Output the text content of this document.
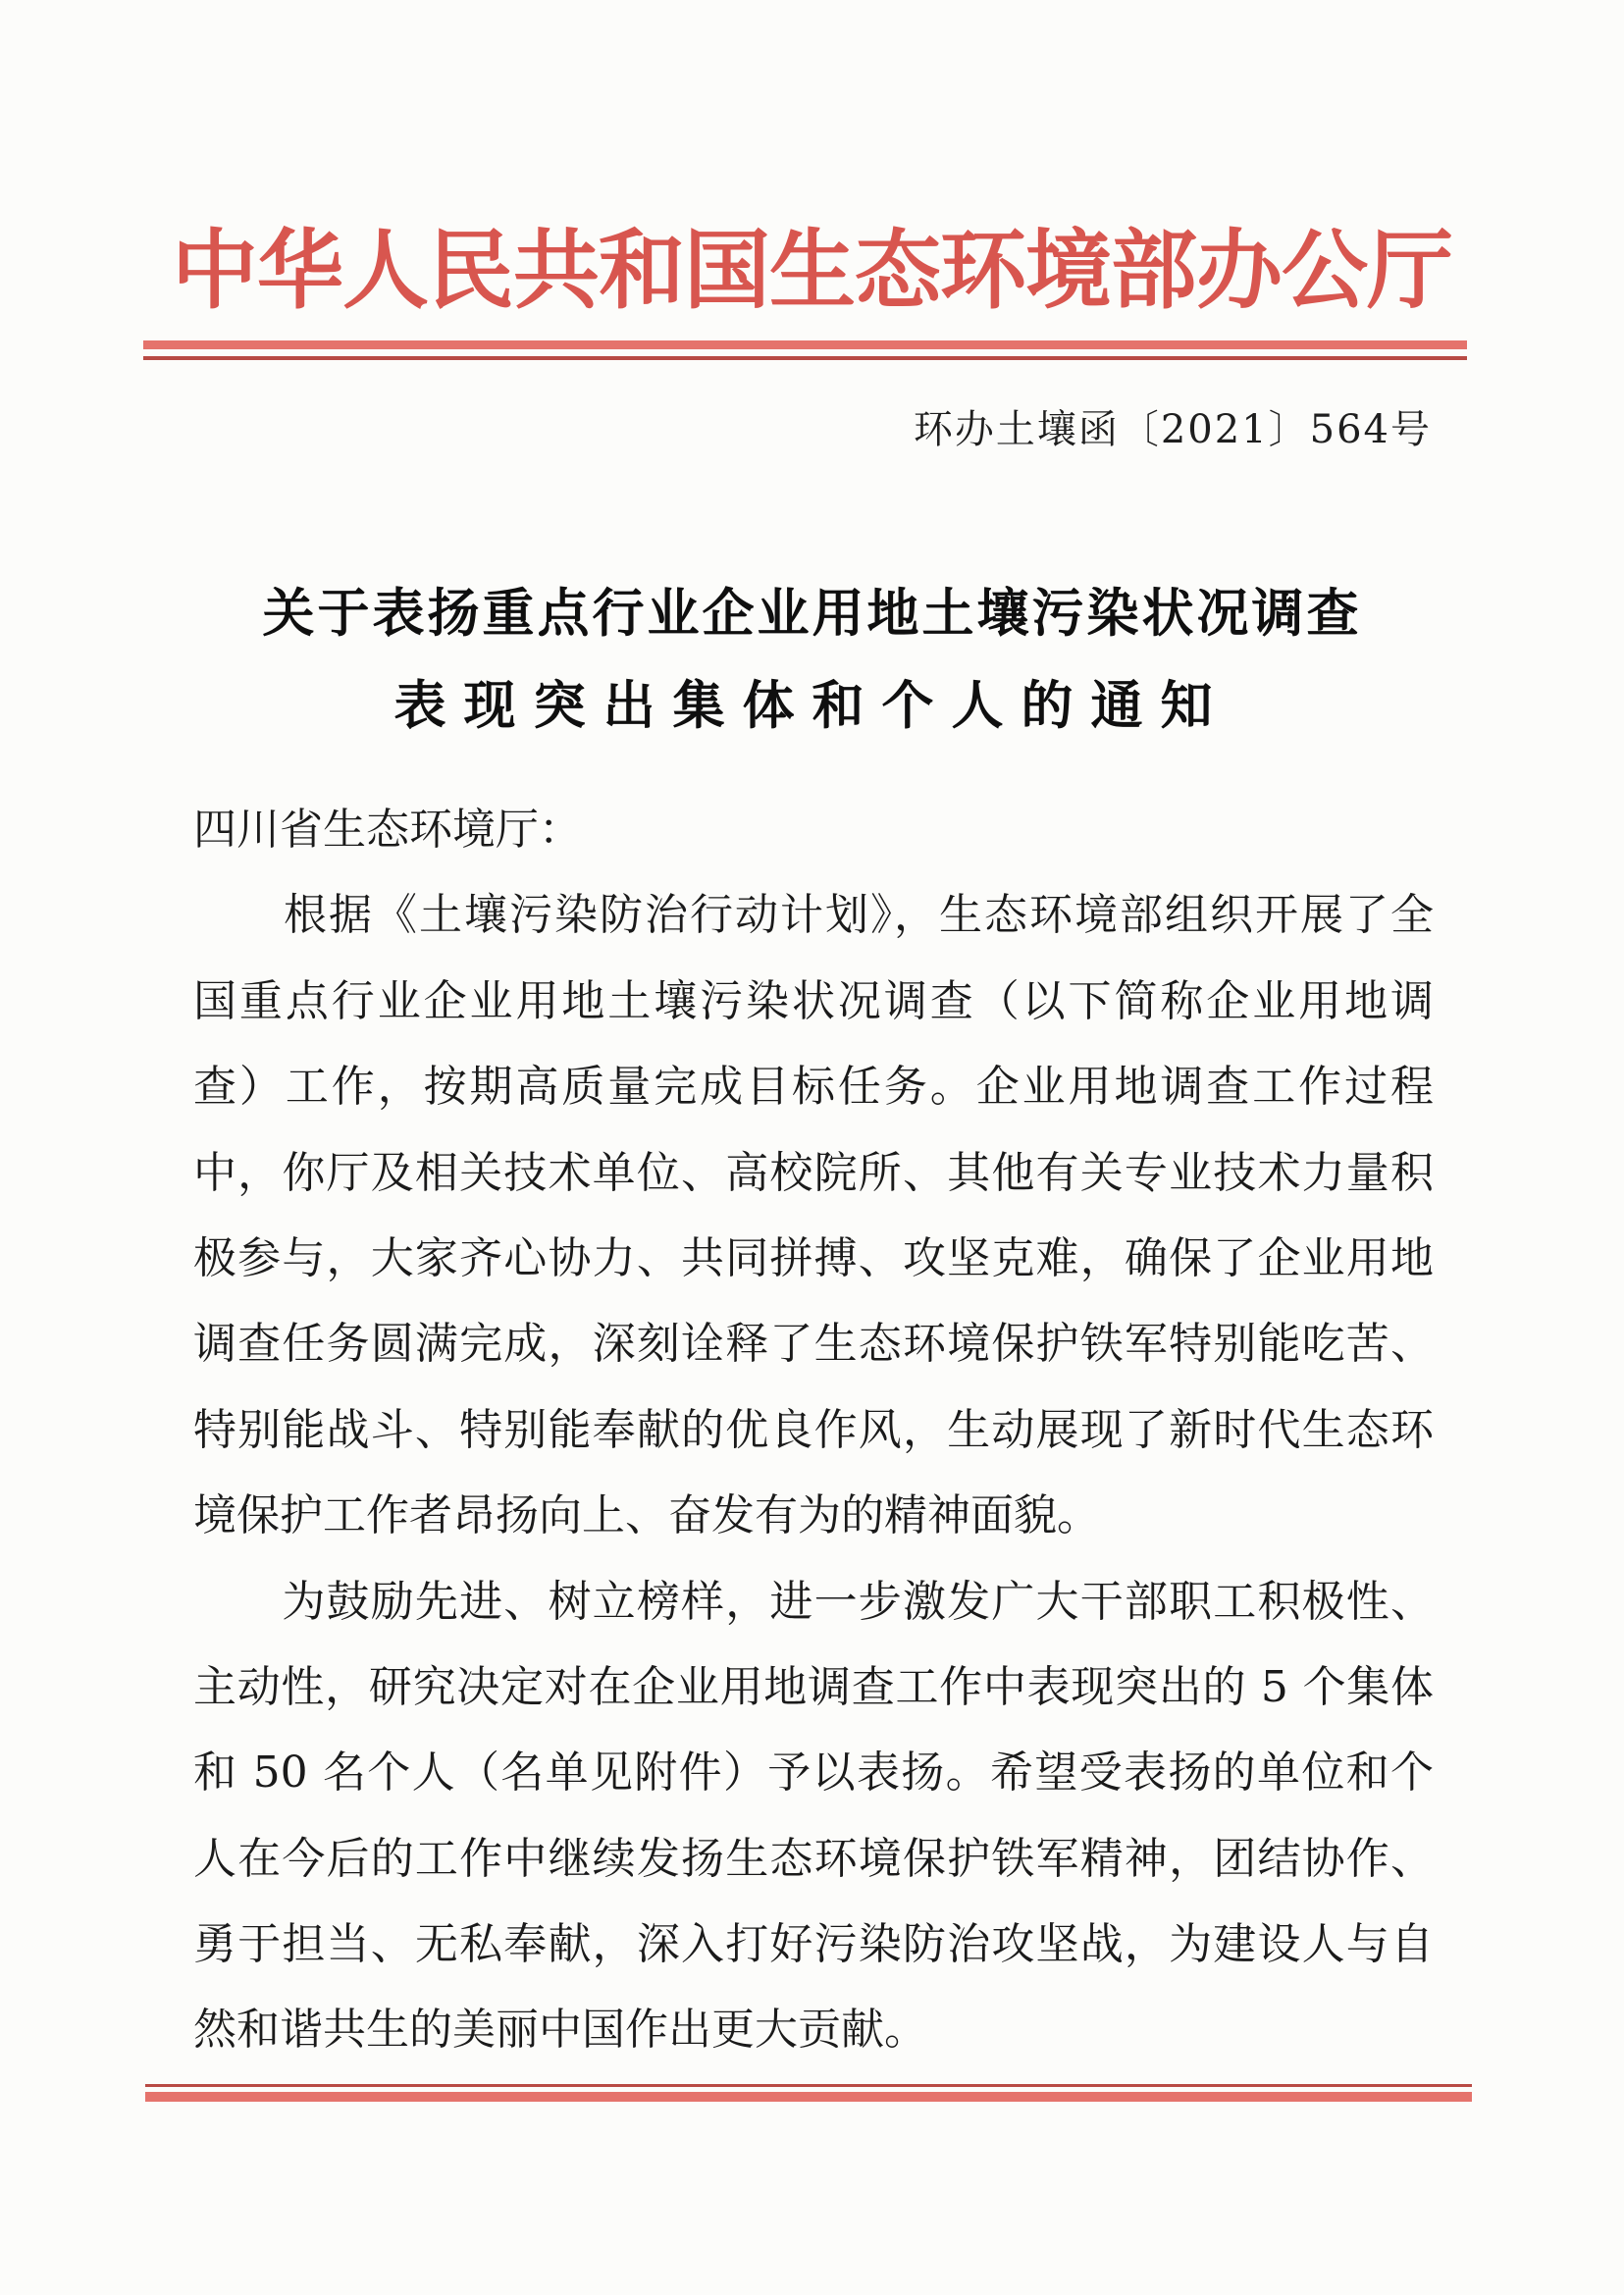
中华人民共和国生态环境部办公厅
环办土壤函〔2021〕564号
关于表扬重点行业企业用地土壤污染状况调查
表现突出集体和个人的通知
四川省生态环境厅：
　　根据《土壤污染防治行动计划》，生态环境部组织开展了全
国重点行业企业用地土壤污染状况调查（以下简称企业用地调
查）工作，按期高质量完成目标任务。企业用地调查工作过程
中，你厅及相关技术单位、高校院所、其他有关专业技术力量积
极参与，大家齐心协力、共同拼搏、攻坚克难，确保了企业用地
调查任务圆满完成，深刻诠释了生态环境保护铁军特别能吃苦、
特别能战斗、特别能奉献的优良作风，生动展现了新时代生态环
境保护工作者昂扬向上、奋发有为的精神面貌。
　　为鼓励先进、树立榜样，进一步激发广大干部职工积极性、
主动性，研究决定对在企业用地调查工作中表现突出的 5 个集体
和 50 名个人（名单见附件）予以表扬。希望受表扬的单位和个
人在今后的工作中继续发扬生态环境保护铁军精神，团结协作、
勇于担当、无私奉献，深入打好污染防治攻坚战，为建设人与自
然和谐共生的美丽中国作出更大贡献。
